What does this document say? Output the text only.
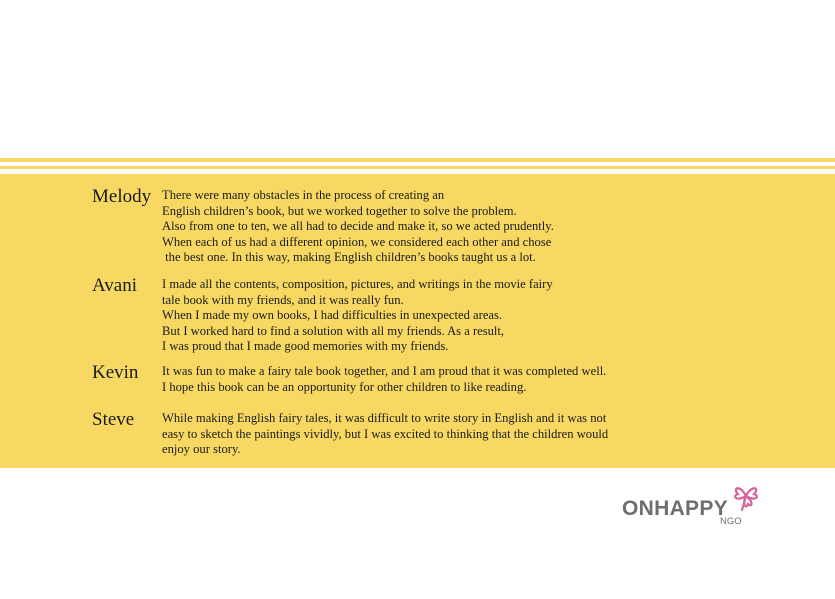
Melody There were many obstacles in the process of creating an
English children’s book, but we worked together to solve the problem.
Also from one to ten, we all had to decide and make it, so we acted prudently.
When each of us had a different opinion, we considered each other and chose
the best one. In this way, making English children’s books taught us a lot.
Avani I made all the contents, composition, pictures, and writings in the movie fairy
tale book with my friends, and it was really fun.
When I made my own books, I had difficulties in unexpected areas.
But I worked hard to find a solution with all my friends. As a result,
I was proud that I made good memories with my friends.
Kevin It was fun to make a fairy tale book together, and I am proud that it was completed well.
I hope this book can be an opportunity for other children to like reading.
Steve While making English fairy tales, it was difficult to write story in English and it was not
easy to sketch the paintings vividly, but I was excited to thinking that the children would
enjoy our story.
ONHAPPY
NGO
